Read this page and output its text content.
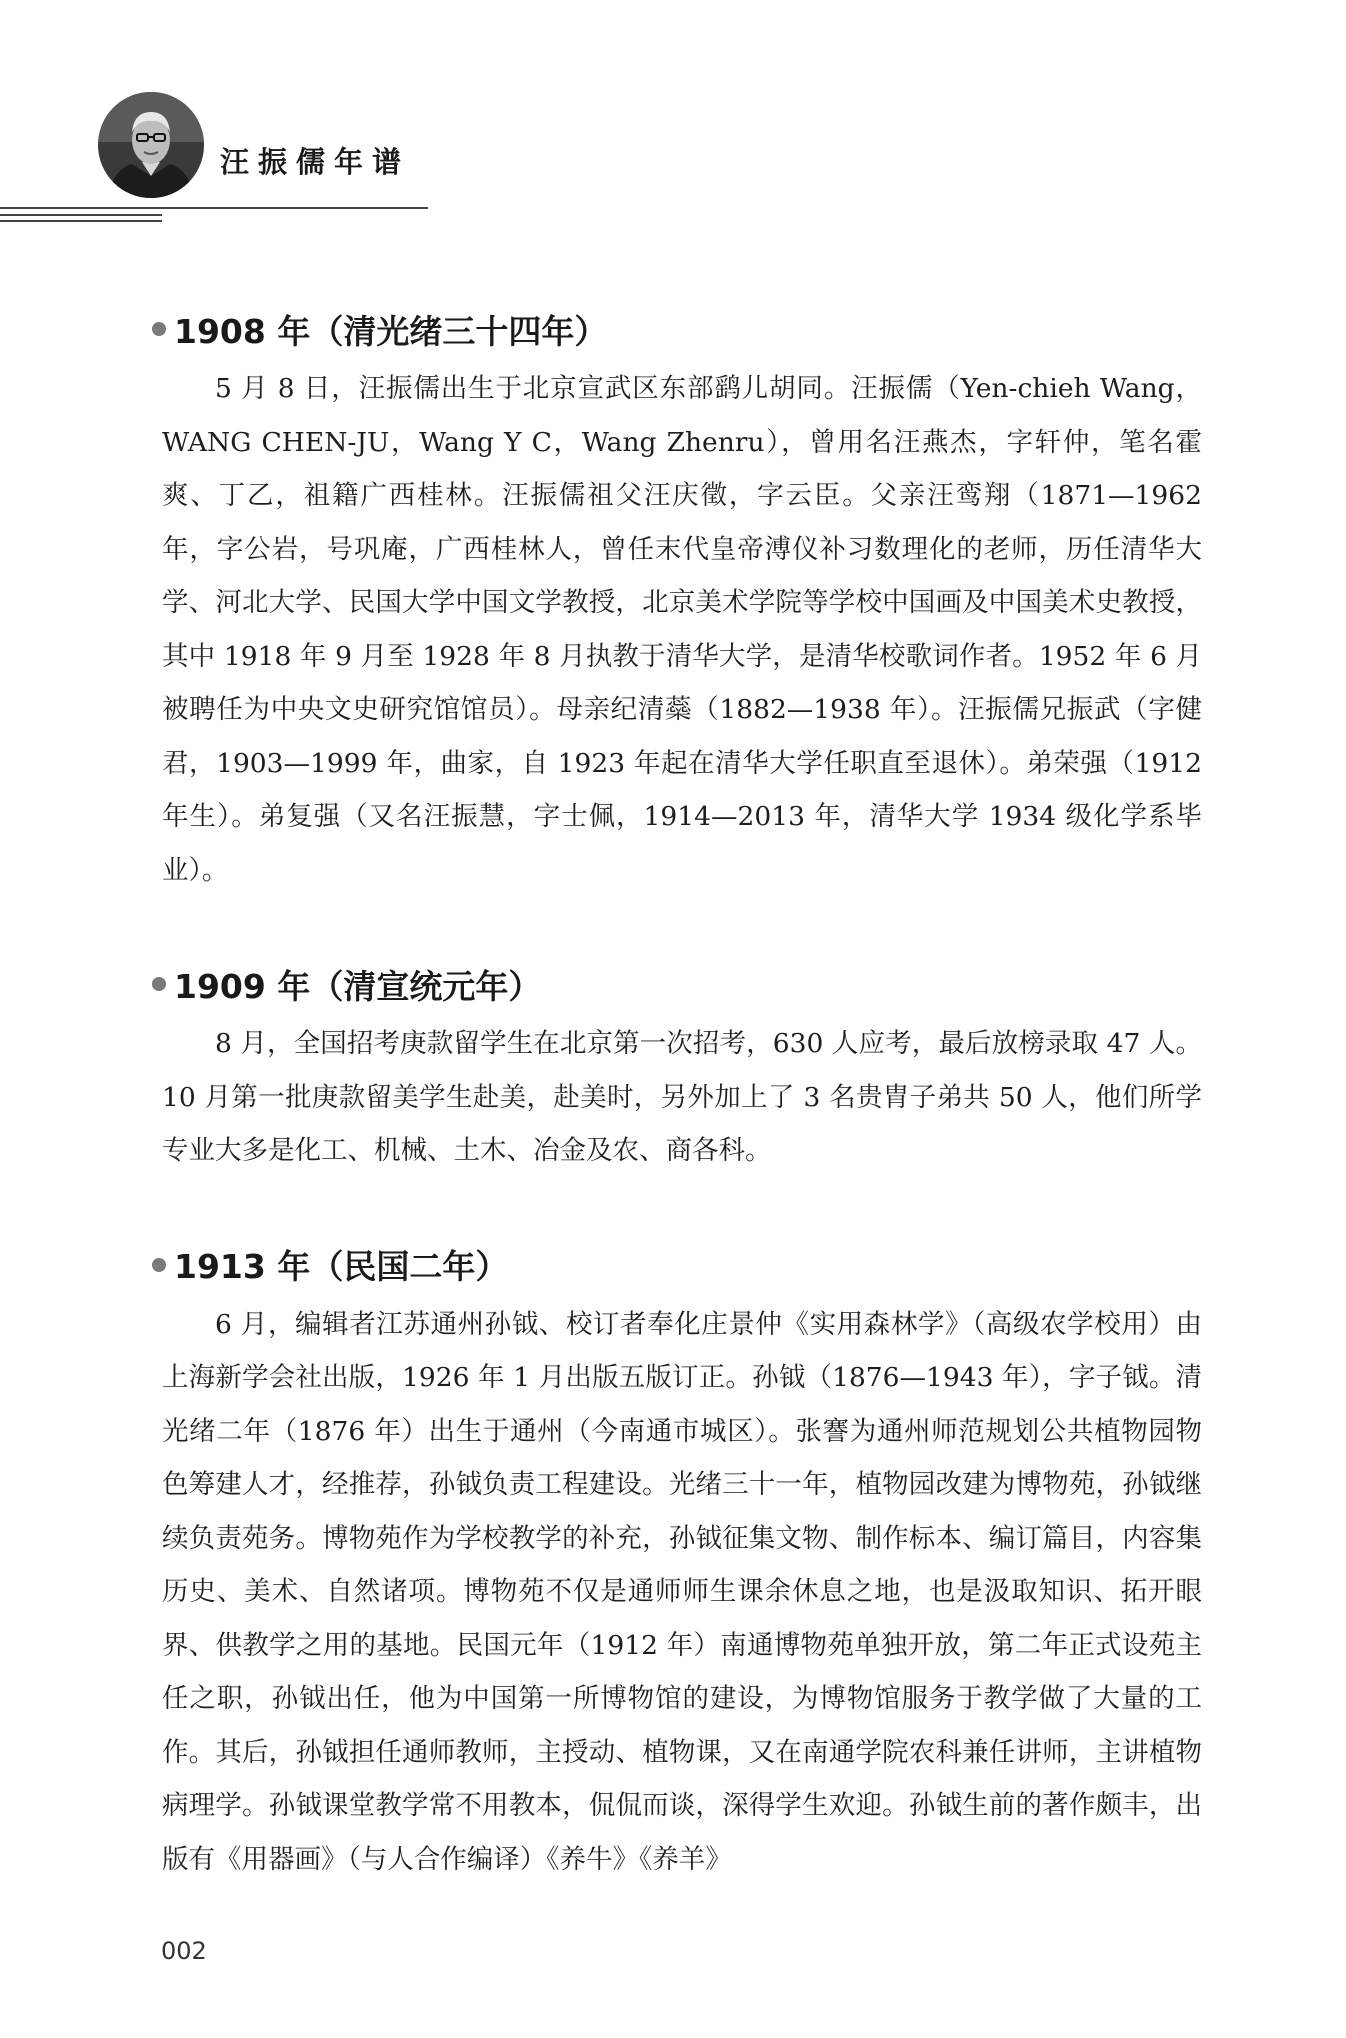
汪振儒年谱
1908 年（清光绪三十四年）

5 月 8 日，汪振儒出生于北京宣武区东部鹞儿胡同。汪振儒（Yen-chieh Wang，WANG CHEN-JU，Wang Y C，Wang Zhenru），曾用名汪燕杰，字轩仲，笔名霍爽、丁乙，祖籍广西桂林。汪振儒祖父汪庆徵，字云臣。父亲汪鸾翔（1871—1962 年，字公岩，号巩庵，广西桂林人，曾任末代皇帝溥仪补习数理化的老师，历任清华大学、河北大学、民国大学中国文学教授，北京美术学院等学校中国画及中国美术史教授，其中 1918 年 9 月至 1928 年 8 月执教于清华大学，是清华校歌词作者。1952 年 6 月被聘任为中央文史研究馆馆员）。母亲纪清蘂（1882—1938 年）。汪振儒兄振武（字健君，1903—1999 年，曲家，自 1923 年起在清华大学任职直至退休）。弟荣强（1912 年生）。弟复强（又名汪振慧，字士佩，1914—2013 年，清华大学 1934 级化学系毕业）。

1909 年（清宣统元年）

8 月，全国招考庚款留学生在北京第一次招考，630 人应考，最后放榜录取 47 人。10 月第一批庚款留美学生赴美，赴美时，另外加上了 3 名贵胄子弟共 50 人，他们所学专业大多是化工、机械、土木、冶金及农、商各科。

1913 年（民国二年）

6 月，编辑者江苏通州孙钺、校订者奉化庄景仲《实用森林学》（高级农学校用）由上海新学会社出版，1926 年 1 月出版五版订正。孙钺（1876—1943 年），字子钺。清光绪二年（1876 年）出生于通州（今南通市城区）。张謇为通州师范规划公共植物园物色筹建人才，经推荐，孙钺负责工程建设。光绪三十一年，植物园改建为博物苑，孙钺继续负责苑务。博物苑作为学校教学的补充，孙钺征集文物、制作标本、编订篇目，内容集历史、美术、自然诸项。博物苑不仅是通师师生课余休息之地，也是汲取知识、拓开眼界、供教学之用的基地。民国元年（1912 年）南通博物苑单独开放，第二年正式设苑主任之职，孙钺出任，他为中国第一所博物馆的建设，为博物馆服务于教学做了大量的工作。其后，孙钺担任通师教师，主授动、植物课，又在南通学院农科兼任讲师，主讲植物病理学。孙钺课堂教学常不用教本，侃侃而谈，深得学生欢迎。孙钺生前的著作颇丰，出版有《用器画》（与人合作编译）《养牛》《养羊》

002
